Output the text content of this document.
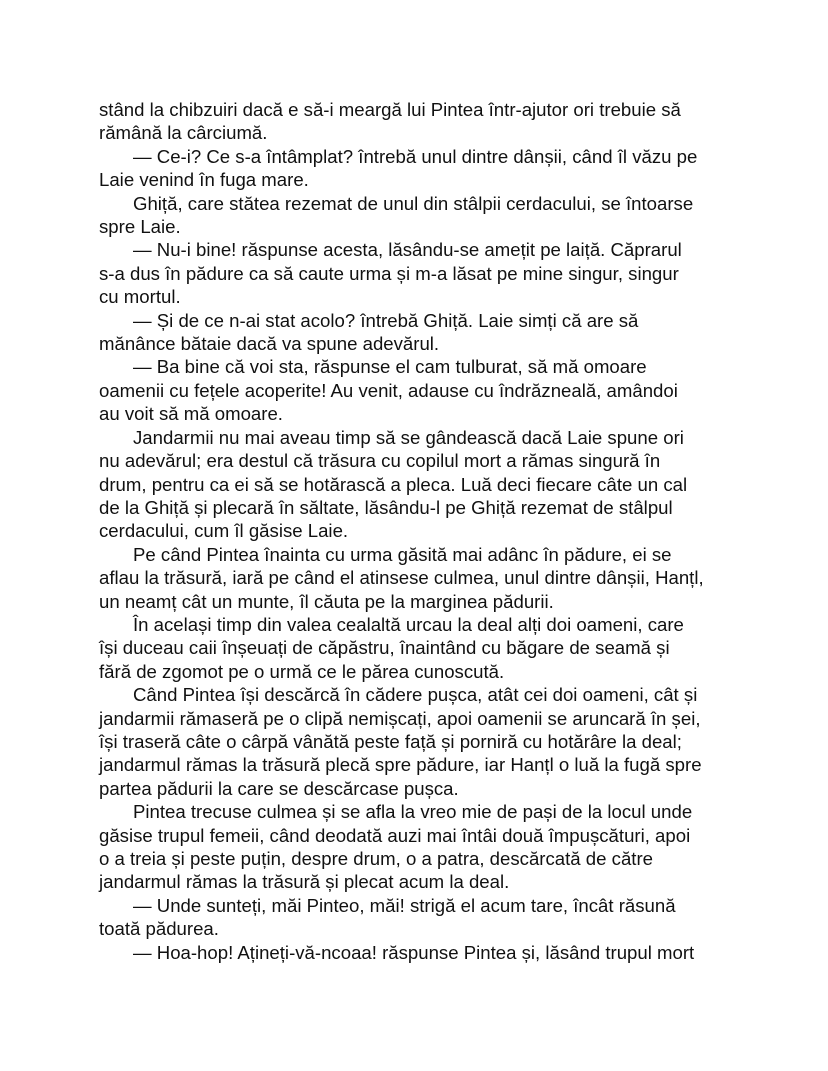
stând la chibzuiri dacă e să-i meargă lui Pintea într-ajutor ori trebuie să
rămână la cârciumă.
— Ce-i? Ce s-a întâmplat? întrebă unul dintre dânșii, când îl văzu pe
Laie venind în fuga mare.
Ghiță, care stătea rezemat de unul din stâlpii cerdacului, se întoarse
spre Laie.
— Nu-i bine! răspunse acesta, lăsându-se amețit pe laiță. Căprarul
s-a dus în pădure ca să caute urma și m-a lăsat pe mine singur, singur
cu mortul.
— Și de ce n-ai stat acolo? întrebă Ghiță. Laie simți că are să
mănânce bătaie dacă va spune adevărul.
— Ba bine că voi sta, răspunse el cam tulburat, să mă omoare
oamenii cu fețele acoperite! Au venit, adause cu îndrăzneală, amândoi
au voit să mă omoare.
Jandarmii nu mai aveau timp să se gândească dacă Laie spune ori
nu adevărul; era destul că trăsura cu copilul mort a rămas singură în
drum, pentru ca ei să se hotărască a pleca. Luă deci fiecare câte un cal
de la Ghiță și plecară în săltate, lăsându-l pe Ghiță rezemat de stâlpul
cerdacului, cum îl găsise Laie.
Pe când Pintea înainta cu urma găsită mai adânc în pădure, ei se
aflau la trăsură, iară pe când el atinsese culmea, unul dintre dânșii, Hanțl,
un neamț cât un munte, îl căuta pe la marginea pădurii.
În același timp din valea cealaltă urcau la deal alți doi oameni, care
își duceau caii înșeuați de căpăstru, înaintând cu băgare de seamă și
fără de zgomot pe o urmă ce le părea cunoscută.
Când Pintea își descărcă în cădere pușca, atât cei doi oameni, cât și
jandarmii rămaseră pe o clipă nemișcați, apoi oamenii se aruncară în șei,
își traseră câte o cârpă vânătă peste față și porniră cu hotărâre la deal;
jandarmul rămas la trăsură plecă spre pădure, iar Hanțl o luă la fugă spre
partea pădurii la care se descărcase pușca.
Pintea trecuse culmea și se afla la vreo mie de pași de la locul unde
găsise trupul femeii, când deodată auzi mai întâi două împușcături, apoi
o a treia și peste puțin, despre drum, o a patra, descărcată de către
jandarmul rămas la trăsură și plecat acum la deal.
— Unde sunteți, măi Pinteo, măi! strigă el acum tare, încât răsună
toată pădurea.
— Hoa-hop! Ațineți-vă-ncoaa! răspunse Pintea și, lăsând trupul mort
